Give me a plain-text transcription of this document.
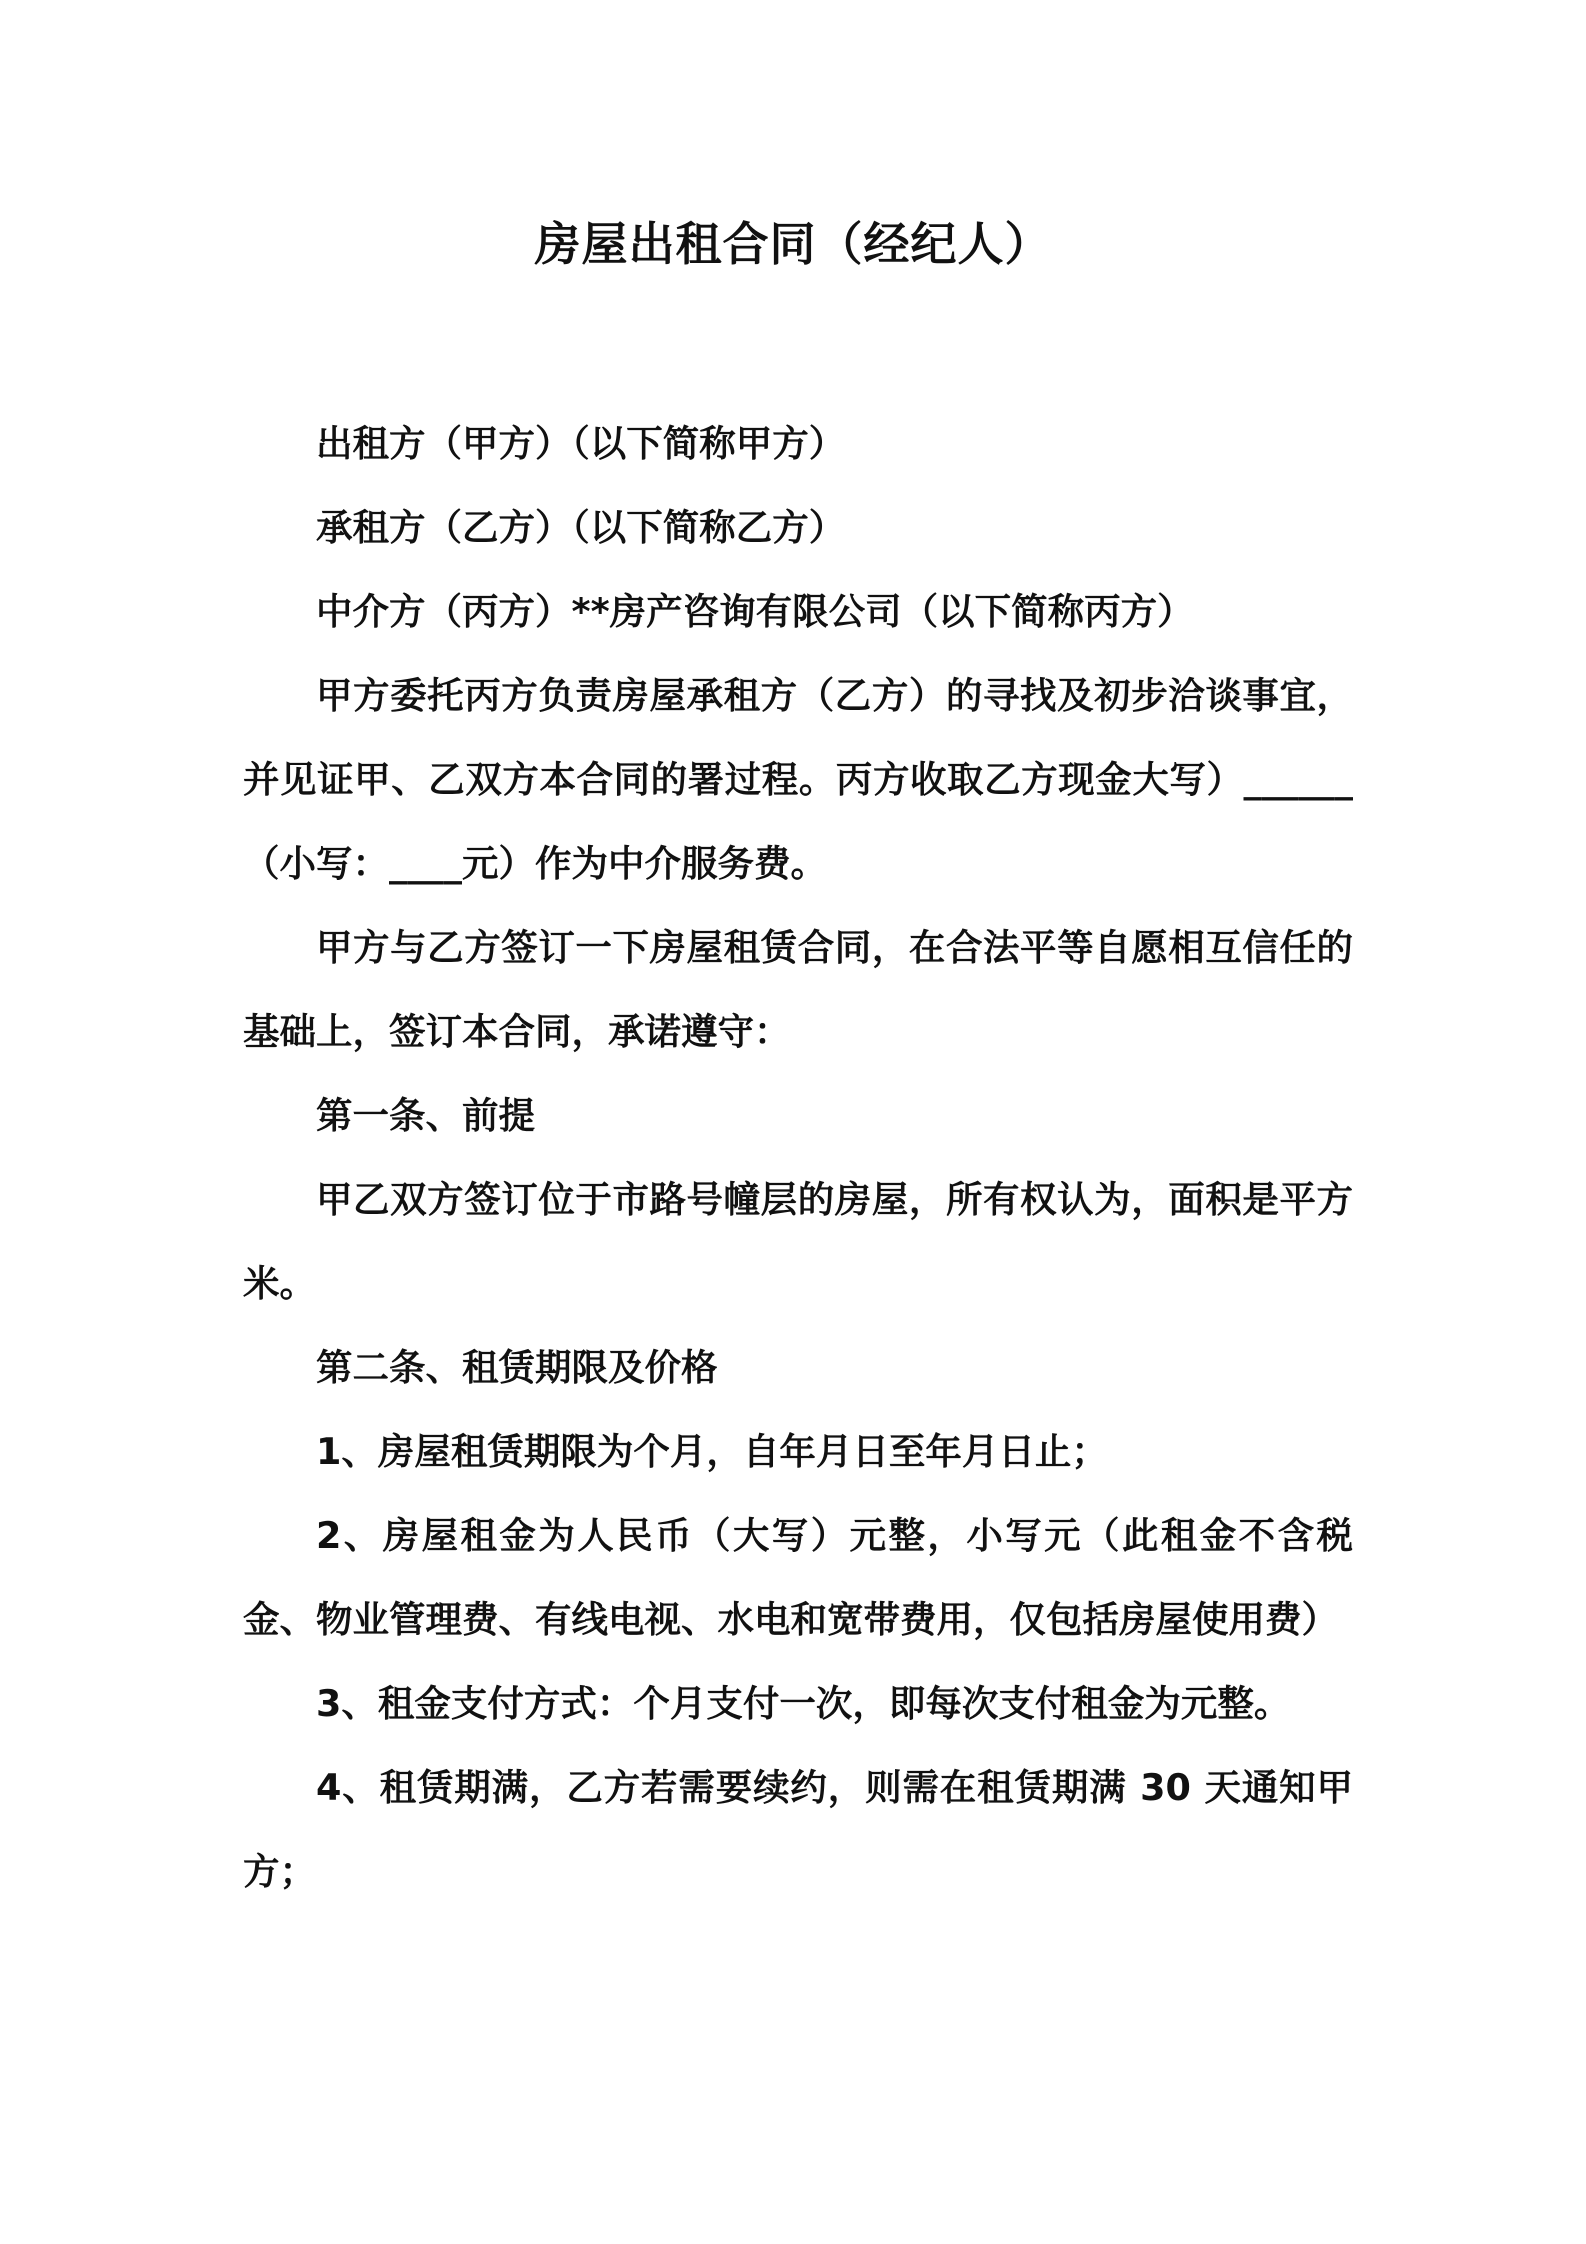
房屋出租合同（经纪人）

出租方（甲方）（以下简称甲方）

承租方（乙方）（以下简称乙方）

中介方（丙方）**房产咨询有限公司（以下简称丙方）

甲方委托丙方负责房屋承租方（乙方）的寻找及初步洽谈事宜，并见证甲、乙双方本合同的署过程。丙方收取乙方现金大写）______（小写：____元）作为中介服务费。

甲方与乙方签订一下房屋租赁合同，在合法平等自愿相互信任的基础上，签订本合同，承诺遵守：

第一条、前提

甲乙双方签订位于市路号幢层的房屋，所有权认为，面积是平方米。

第二条、租赁期限及价格

1、房屋租赁期限为个月，自年月日至年月日止；

2、房屋租金为人民币（大写）元整，小写元（此租金不含税金、物业管理费、有线电视、水电和宽带费用，仅包括房屋使用费）

3、租金支付方式：个月支付一次，即每次支付租金为元整。

4、租赁期满，乙方若需要续约，则需在租赁期满 30 天通知甲方；
